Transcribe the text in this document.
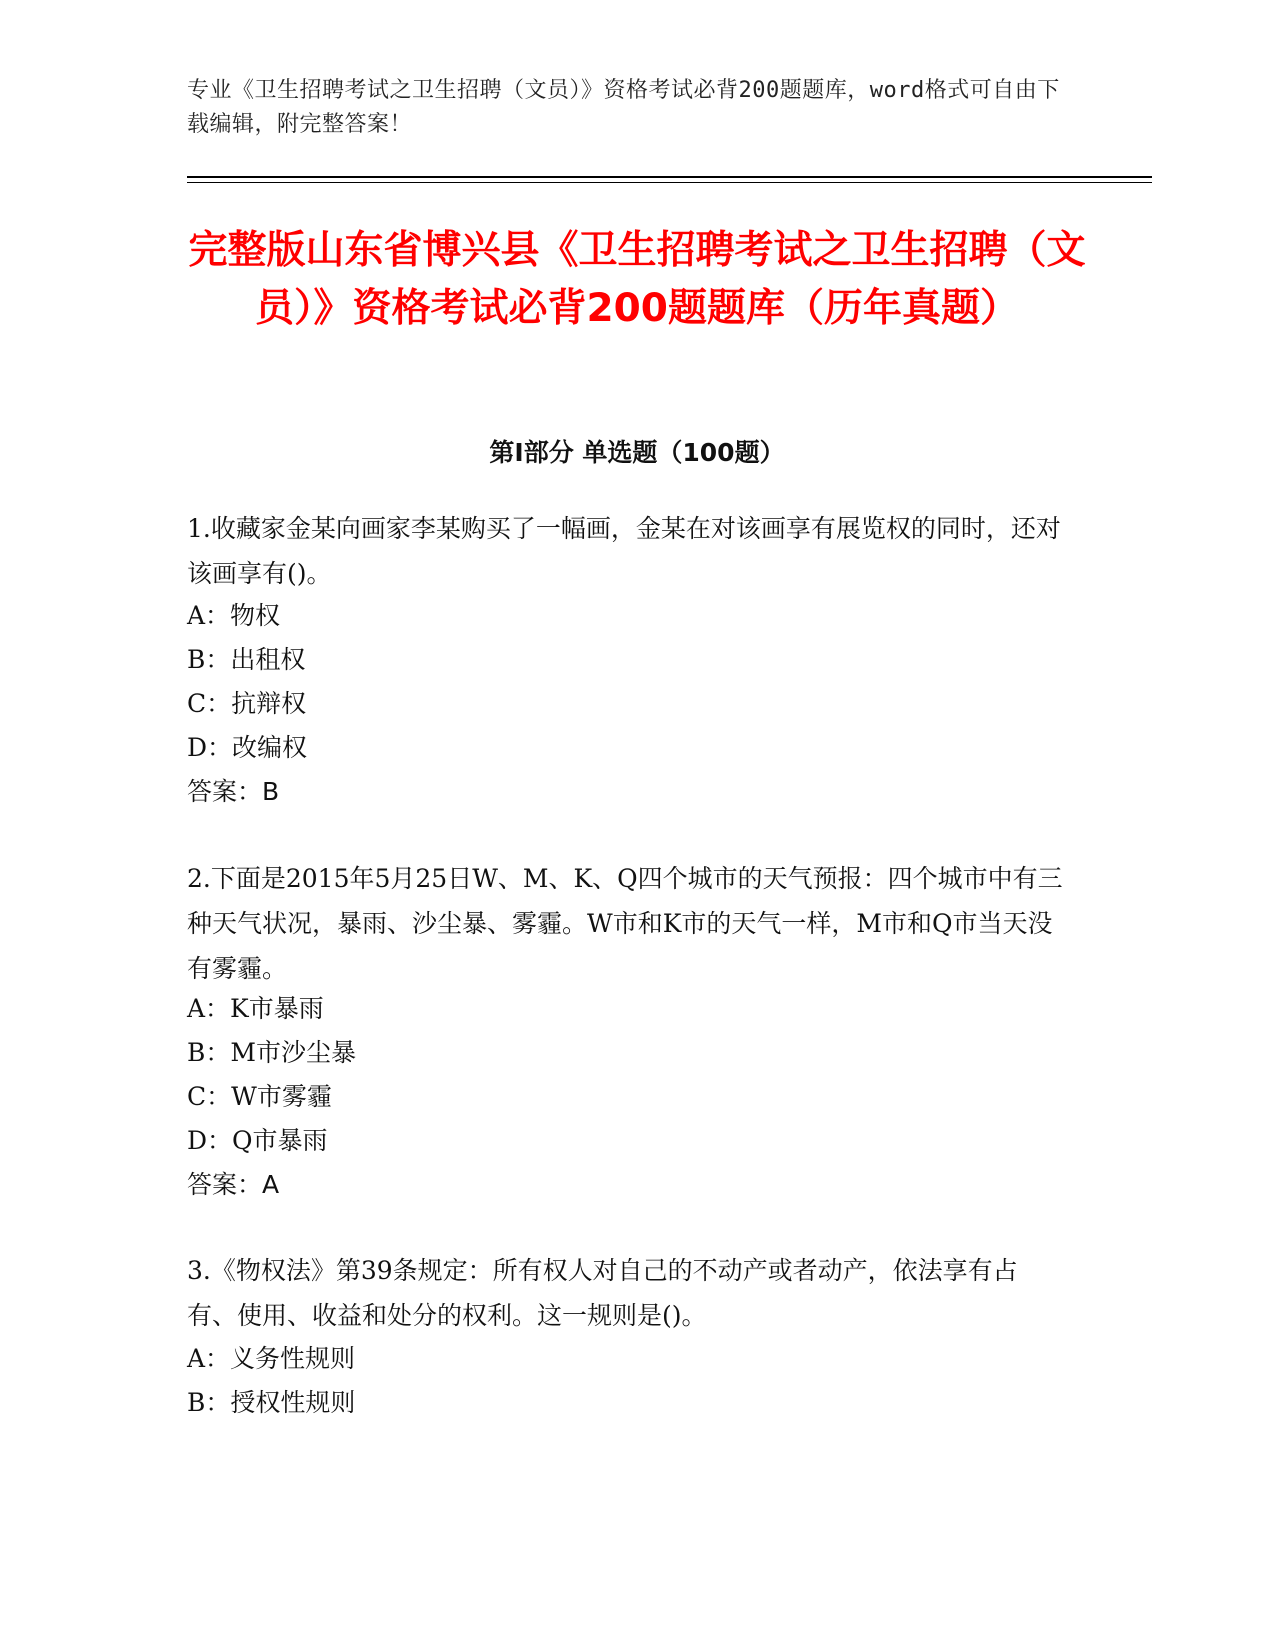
专业《卫生招聘考试之卫生招聘（文员）》资格考试必背200题题库，word格式可自由下载编辑，附完整答案！
完整版山东省博兴县《卫生招聘考试之卫生招聘（文员）》资格考试必背200题题库（历年真题）
第Ⅰ部分 单选题（100题）
1.收藏家金某向画家李某购买了一幅画，金某在对该画享有展览权的同时，还对该画享有()。
A：物权
B：出租权
C：抗辩权
D：改编权
答案：B
2.下面是2015年5月25日W、M、K、Q四个城市的天气预报：四个城市中有三种天气状况，暴雨、沙尘暴、雾霾。W市和K市的天气一样，M市和Q市当天没有雾霾。
A：K市暴雨
B：M市沙尘暴
C：W市雾霾
D：Q市暴雨
答案：A
3.《物权法》第39条规定：所有权人对自己的不动产或者动产，依法享有占有、使用、收益和处分的权利。这一规则是()。
A：义务性规则
B：授权性规则
